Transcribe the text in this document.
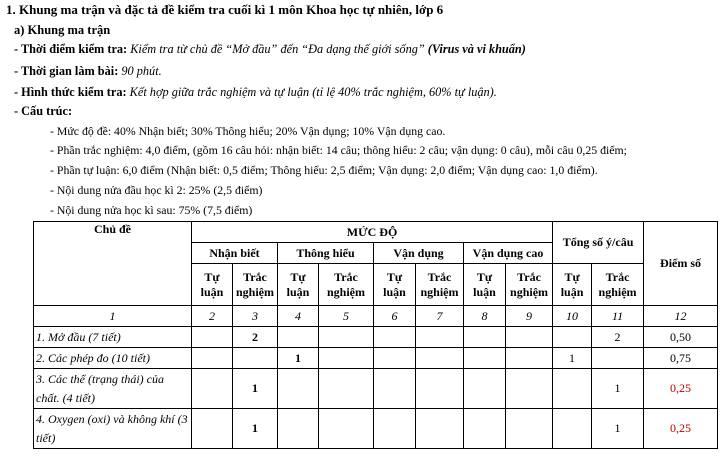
1. Khung ma trận và đặc tả đề kiểm tra cuối kì 1 môn Khoa học tự nhiên, lớp 6
a) Khung ma trận
- Thời điểm kiểm tra: Kiểm tra từ chủ đề “Mở đầu” đến “Đa dạng thế giới sống” (Virus và vi khuẩn)
- Thời gian làm bài: 90 phút.
- Hình thức kiểm tra: Kết hợp giữa trắc nghiệm và tự luận (tỉ lệ 40% trắc nghiệm, 60% tự luận).
- Cấu trúc:
- Mức độ đề: 40% Nhận biết; 30% Thông hiểu; 20% Vận dụng; 10% Vận dụng cao.
- Phần trắc nghiệm: 4,0 điểm, (gồm 16 câu hỏi: nhận biết: 14 câu; thông hiểu: 2 câu; vận dụng: 0 câu), mỗi câu 0,25 điểm;
- Phần tự luận: 6,0 điểm (Nhận biết: 0,5 điểm; Thông hiểu: 2,5 điểm; Vận dụng: 2,0 điểm; Vận dụng cao: 1,0 điểm).
- Nội dung nửa đầu học kì 2: 25% (2,5 điểm)
- Nội dung nửa học kì sau: 75% (7,5 điểm)
Chủ đề	MỨC ĐỘ								Tổng số ý/câu		Điểm số
	Nhận biết		Thông hiểu		Vận dụng		Vận dụng cao				
	Tự luận	Trắc nghiệm	Tự luận	Trắc nghiệm	Tự luận	Trắc nghiệm	Tự luận	Trắc nghiệm	Tự luận	Trắc nghiệm	
1	2	3	4	5	6	7	8	9	10	11	12
1. Mở đầu (7 tiết)		2								2	0,50
2. Các phép đo (10 tiết)			1						1		0,75
3. Các thể (trạng thái) của chất. (4 tiết)		1								1	0,25
4. Oxygen (oxi) và không khí (3 tiết)		1								1	0,25
